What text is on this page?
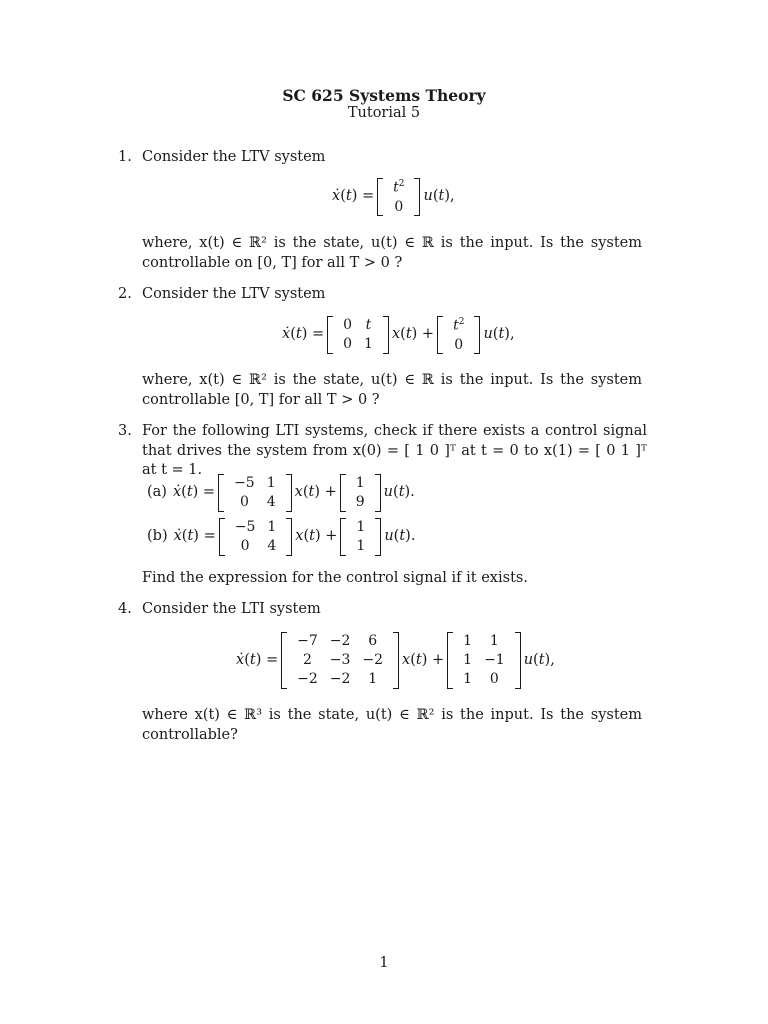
SC 625 Systems Theory
Tutorial 5
1. Consider the LTV system
ẋ(t) =
$t^2$
0
u(t),
where, x(t) ∈ ℝ² is the state, u(t) ∈ ℝ is the input. Is the system controllable on [0, T] for all T > 0 ?
2. Consider the LTV system
ẋ(t) =
0	t
0	1
x(t) +
$t^2$
0
u(t),
where, x(t) ∈ ℝ² is the state, u(t) ∈ ℝ is the input. Is the system controllable [0, T] for all T > 0 ?
3. For the following LTI systems, check if there exists a control signal that drives the system from x(0) = [ 1 0 ]ᵀ at t = 0 to x(1) = [ 0 1 ]ᵀ at t = 1.
(a) ẋ(t) =
−5	1
0	4
x(t) +
1
9
u(t).
(b) ẋ(t) =
−5	1
0	4
x(t) +
1
1
u(t).
Find the expression for the control signal if it exists.
4. Consider the LTI system
ẋ(t) =
−7	−2	6
2	−3	−2
−2	−2	1
x(t) +
1	1
1	−1
1	0
u(t),
where x(t) ∈ ℝ³ is the state, u(t) ∈ ℝ² is the input. Is the system controllable?
1
